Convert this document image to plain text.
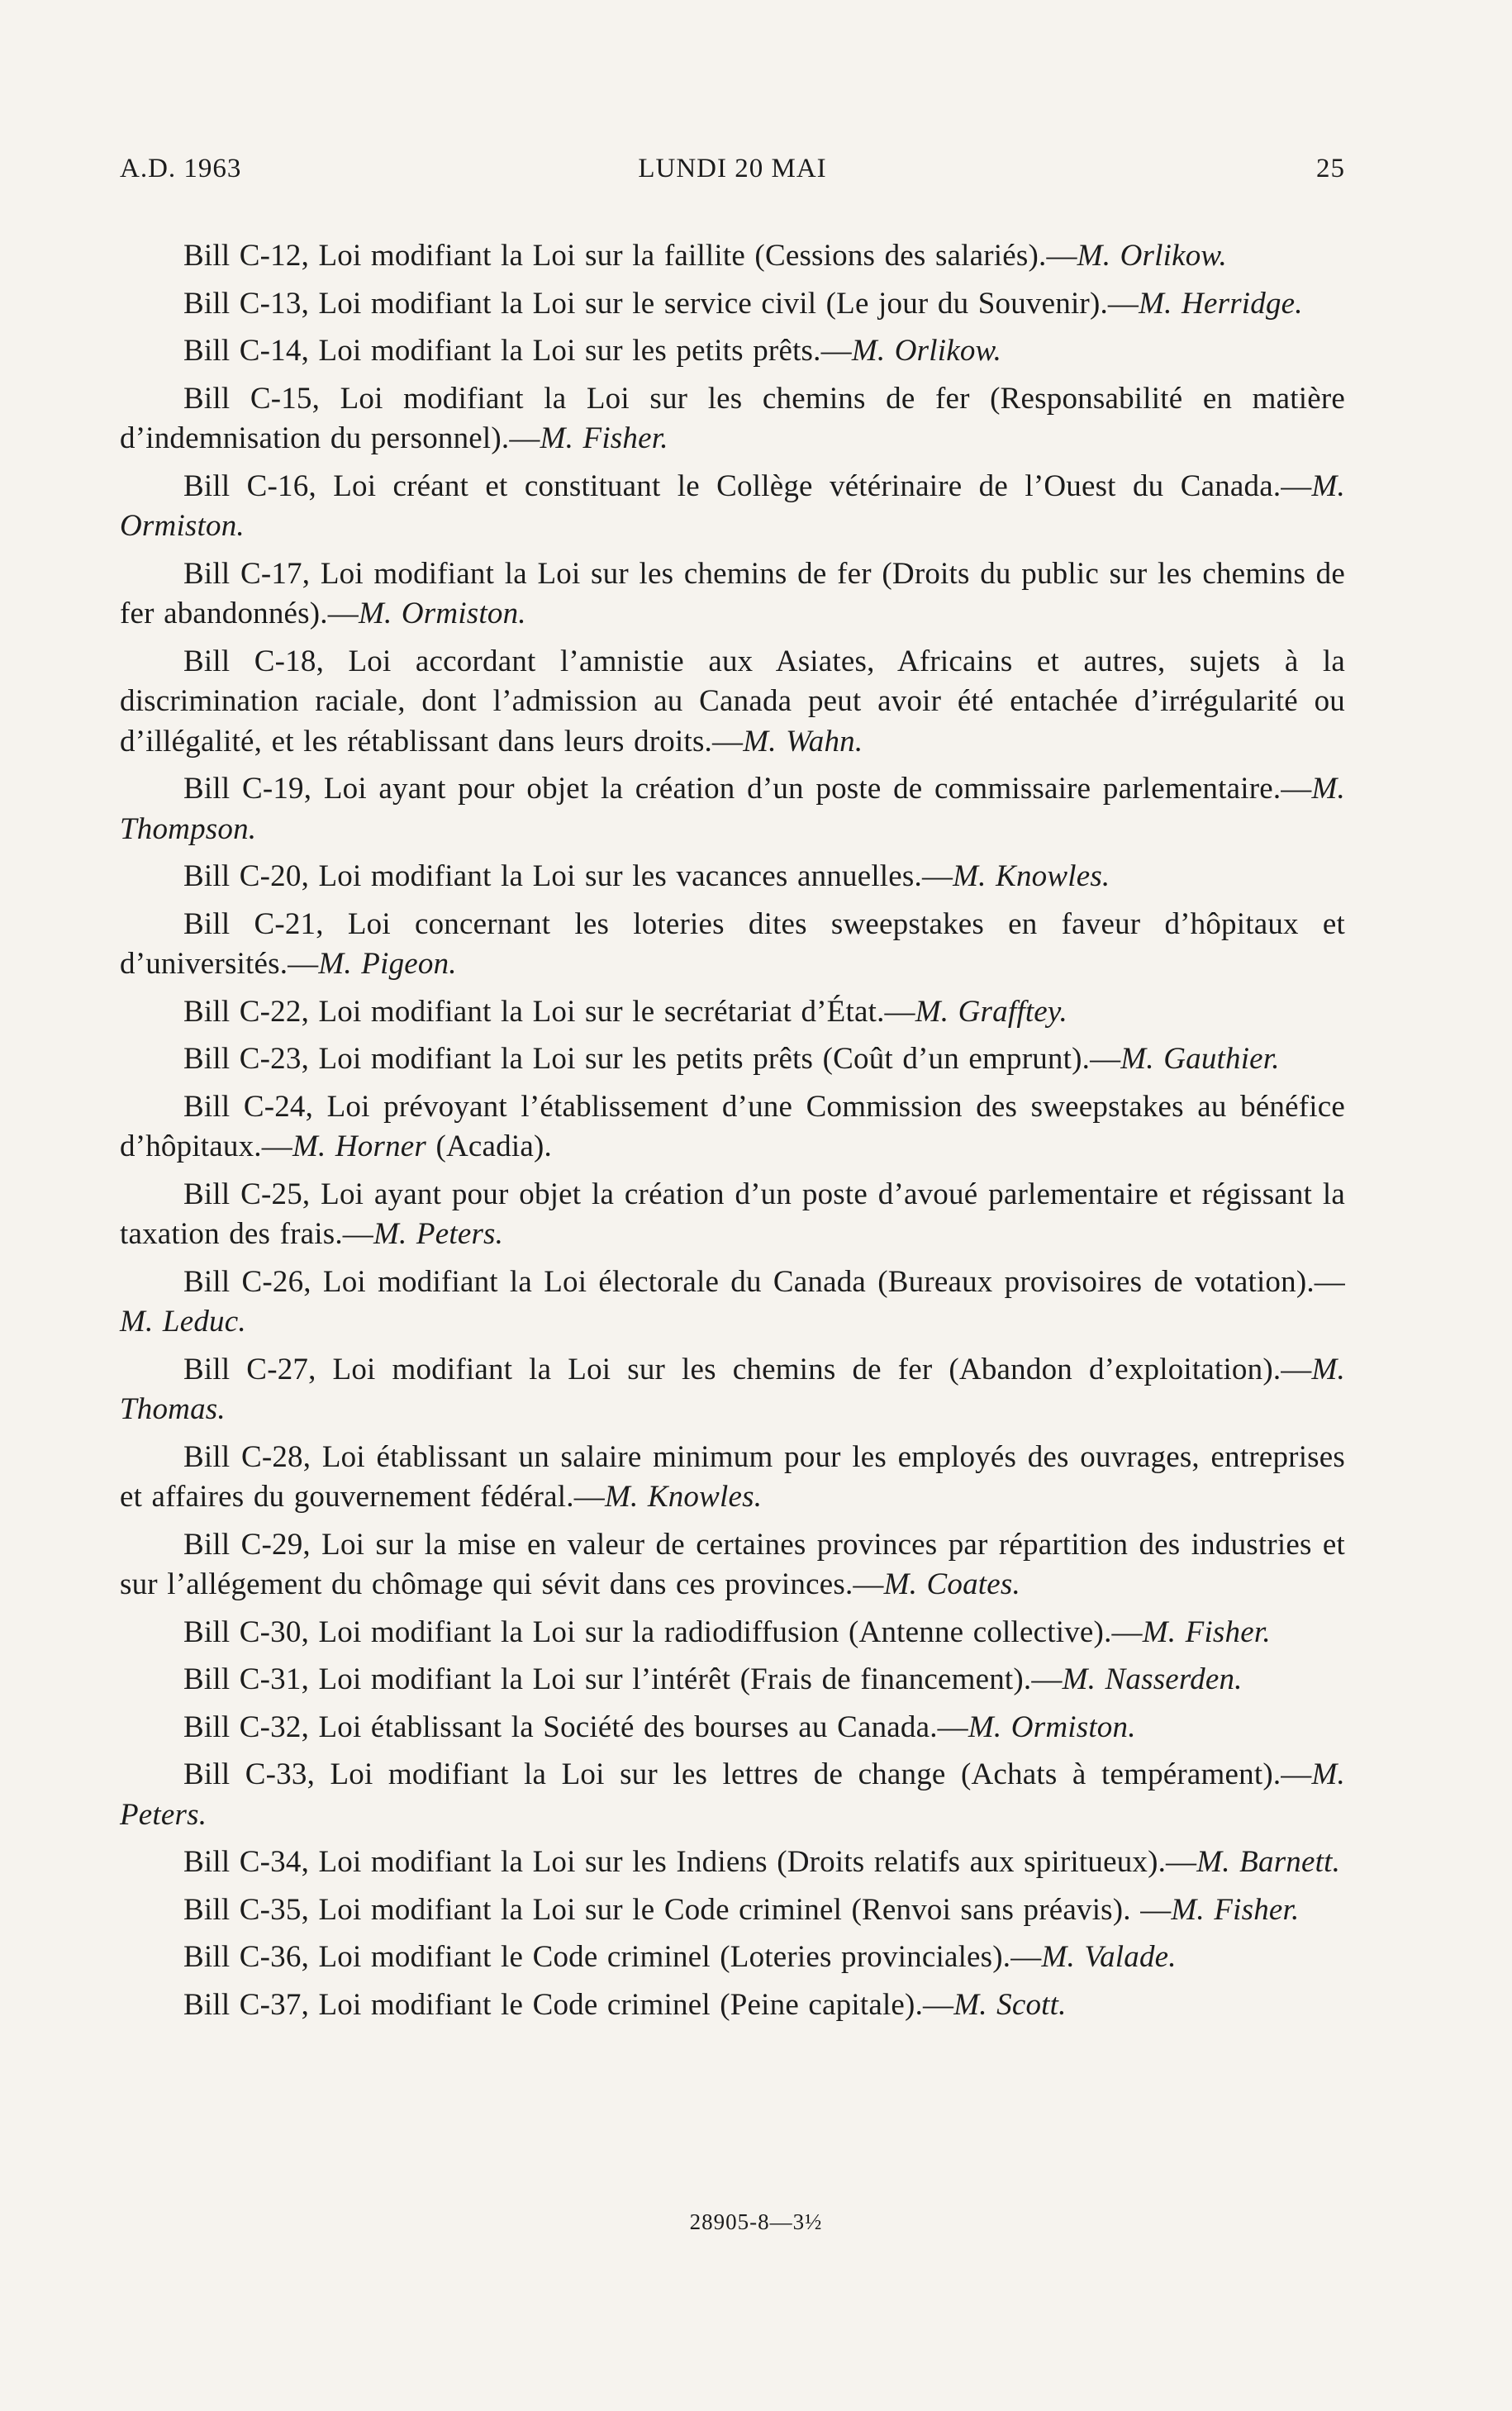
A.D. 1963	LUNDI 20 MAI	25

Bill C-12, Loi modifiant la Loi sur la faillite (Cessions des salariés).—M. Orlikow.

Bill C-13, Loi modifiant la Loi sur le service civil (Le jour du Souvenir).—M. Herridge.

Bill C-14, Loi modifiant la Loi sur les petits prêts.—M. Orlikow.

Bill C-15, Loi modifiant la Loi sur les chemins de fer (Responsabilité en matière d’indemnisation du personnel).—M. Fisher.

Bill C-16, Loi créant et constituant le Collège vétérinaire de l’Ouest du Canada.—M. Ormiston.

Bill C-17, Loi modifiant la Loi sur les chemins de fer (Droits du public sur les chemins de fer abandonnés).—M. Ormiston.

Bill C-18, Loi accordant l’amnistie aux Asiates, Africains et autres, sujets à la discrimination raciale, dont l’admission au Canada peut avoir été entachée d’irrégularité ou d’illégalité, et les rétablissant dans leurs droits.—M. Wahn.

Bill C-19, Loi ayant pour objet la création d’un poste de commissaire parlementaire.—M. Thompson.

Bill C-20, Loi modifiant la Loi sur les vacances annuelles.—M. Knowles.

Bill C-21, Loi concernant les loteries dites sweepstakes en faveur d’hôpitaux et d’universités.—M. Pigeon.

Bill C-22, Loi modifiant la Loi sur le secrétariat d’État.—M. Grafftey.

Bill C-23, Loi modifiant la Loi sur les petits prêts (Coût d’un emprunt).—M. Gauthier.

Bill C-24, Loi prévoyant l’établissement d’une Commission des sweepstakes au bénéfice d’hôpitaux.—M. Horner (Acadia).

Bill C-25, Loi ayant pour objet la création d’un poste d’avoué parlementaire et régissant la taxation des frais.—M. Peters.

Bill C-26, Loi modifiant la Loi électorale du Canada (Bureaux provisoires de votation).—M. Leduc.

Bill C-27, Loi modifiant la Loi sur les chemins de fer (Abandon d’exploitation).—M. Thomas.

Bill C-28, Loi établissant un salaire minimum pour les employés des ouvrages, entreprises et affaires du gouvernement fédéral.—M. Knowles.

Bill C-29, Loi sur la mise en valeur de certaines provinces par répartition des industries et sur l’allégement du chômage qui sévit dans ces provinces.—M. Coates.

Bill C-30, Loi modifiant la Loi sur la radiodiffusion (Antenne collective).—M. Fisher.

Bill C-31, Loi modifiant la Loi sur l’intérêt (Frais de financement).—M. Nasserden.

Bill C-32, Loi établissant la Société des bourses au Canada.—M. Ormiston.

Bill C-33, Loi modifiant la Loi sur les lettres de change (Achats à tempérament).—M. Peters.

Bill C-34, Loi modifiant la Loi sur les Indiens (Droits relatifs aux spiritueux).—M. Barnett.

Bill C-35, Loi modifiant la Loi sur le Code criminel (Renvoi sans préavis). —M. Fisher.

Bill C-36, Loi modifiant le Code criminel (Loteries provinciales).—M. Valade.

Bill C-37, Loi modifiant le Code criminel (Peine capitale).—M. Scott.

28905-8—3½
